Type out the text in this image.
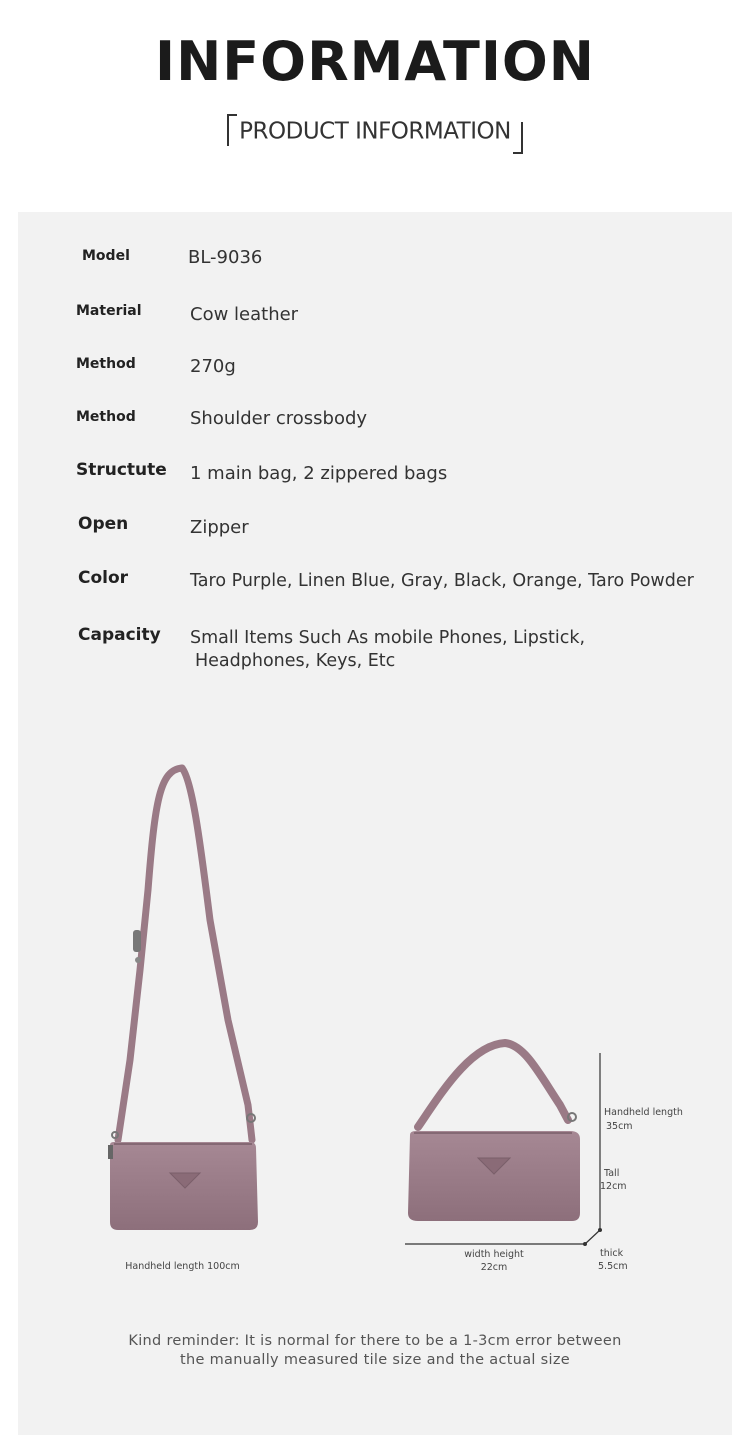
INFORMATION
PRODUCT INFORMATION
Model	BL-9036
Material	Cow leather
Method	270g
Method	Shoulder crossbody
Structute 1 main bag, 2 zippered bags
Open	Zipper
Color	Taro Purple, Linen Blue, Gray, Black, Orange, Taro Powder
Capacity Small Items Such As mobile Phones, Lipstick,
Headphones, Keys, Etc
Handheld length 100cm
Handheld length
35cm
Tall
12cm
width height
22cm
thick
5.5cm
Kind reminder: It is normal for there to be a 1-3cm error between
the manually measured tile size and the actual size
